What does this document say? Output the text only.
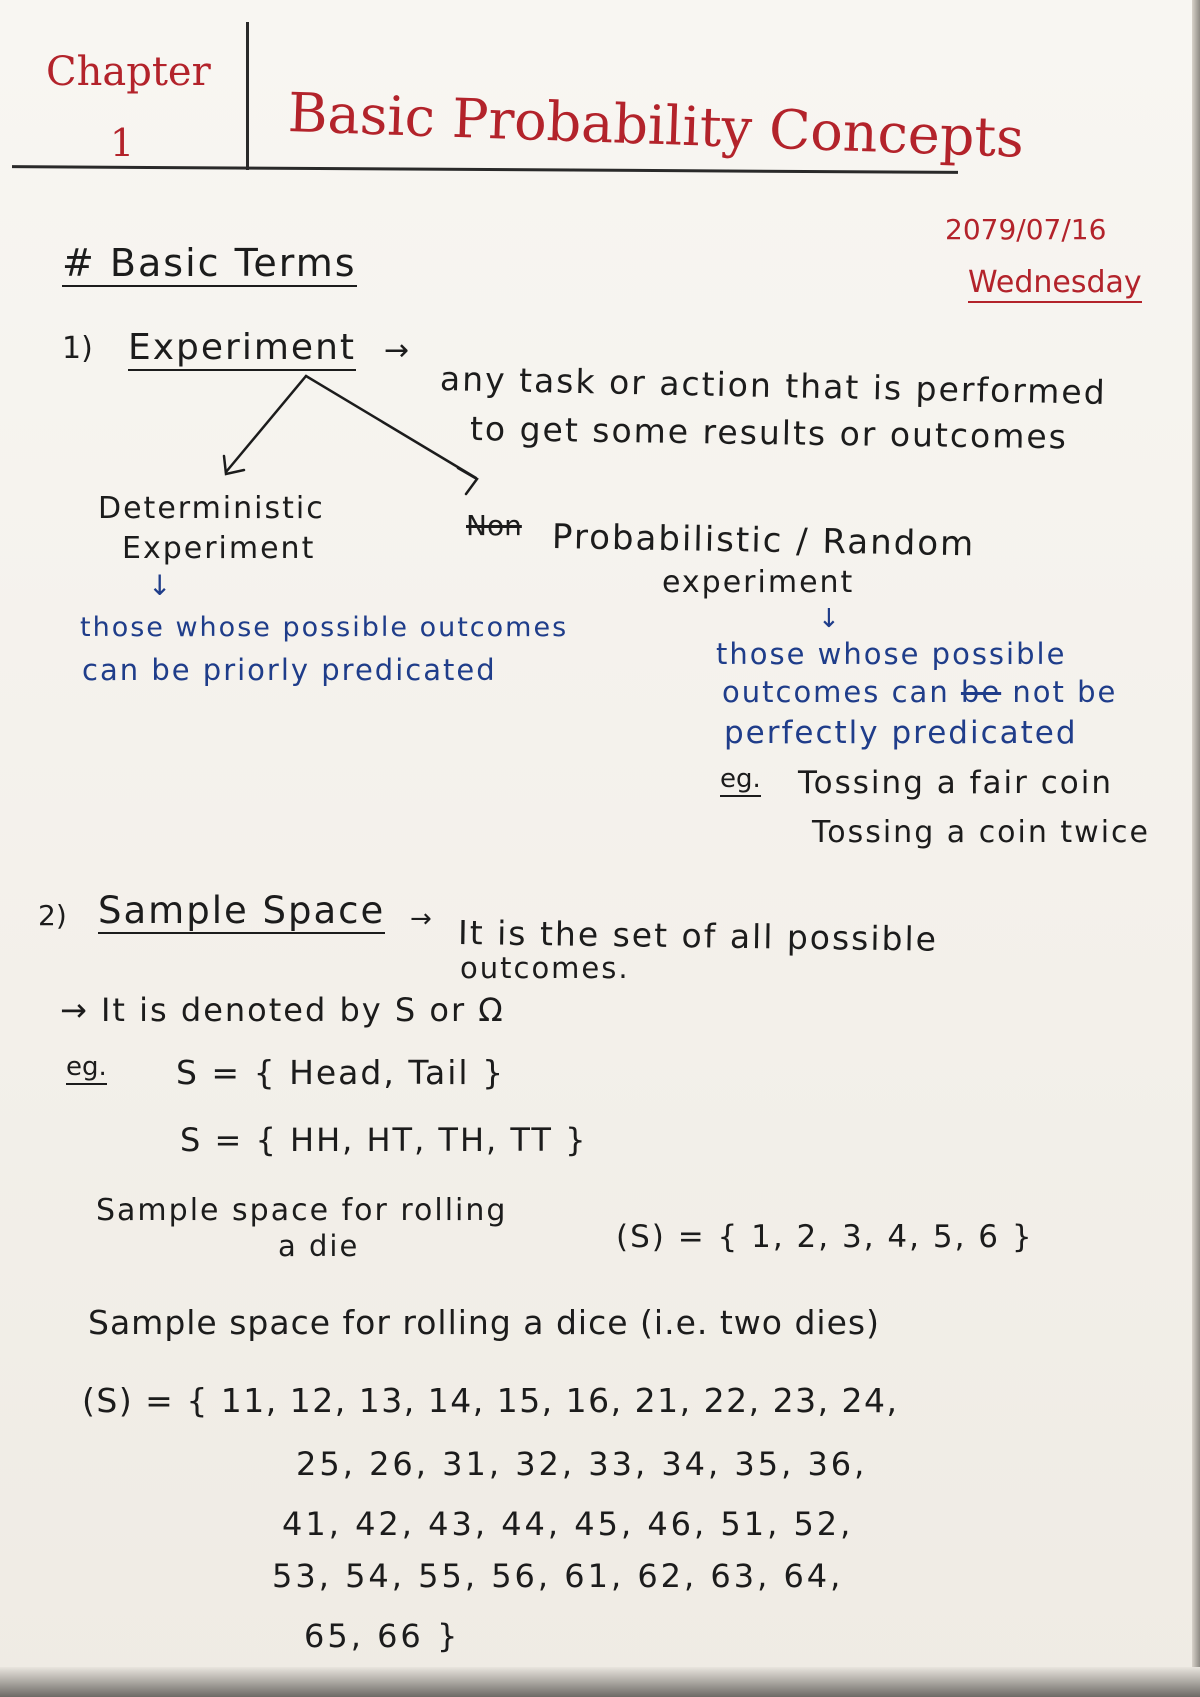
Chapter
1	Basic Probability Concepts
2079/07/16
Wednesday
# Basic Terms
1) Experiment →
any task or action that is performed
to get some results or outcomes
Deterministic
Experiment
↓
those whose possible outcomes
can be priorly predicated
Non Probabilistic / Random
experiment
↓
those whose possible
outcomes can be not be
perfectly predicated
eg. Tossing a fair coin
Tossing a coin twice
2) Sample Space → It is the set of all possible
outcomes.
→ It is denoted by S or Ω
eg. S = { Head, Tail }
S = { HH, HT, TH, TT }
Sample space for rolling
a die	(S) = { 1, 2, 3, 4, 5, 6 }
Sample space for rolling a dice (i.e. two dies)
(S) = { 11, 12, 13, 14, 15, 16, 21, 22, 23, 24,
25, 26, 31, 32, 33, 34, 35, 36,
41, 42, 43, 44, 45, 46, 51, 52,
53, 54, 55, 56, 61, 62, 63, 64,
65, 66 }
